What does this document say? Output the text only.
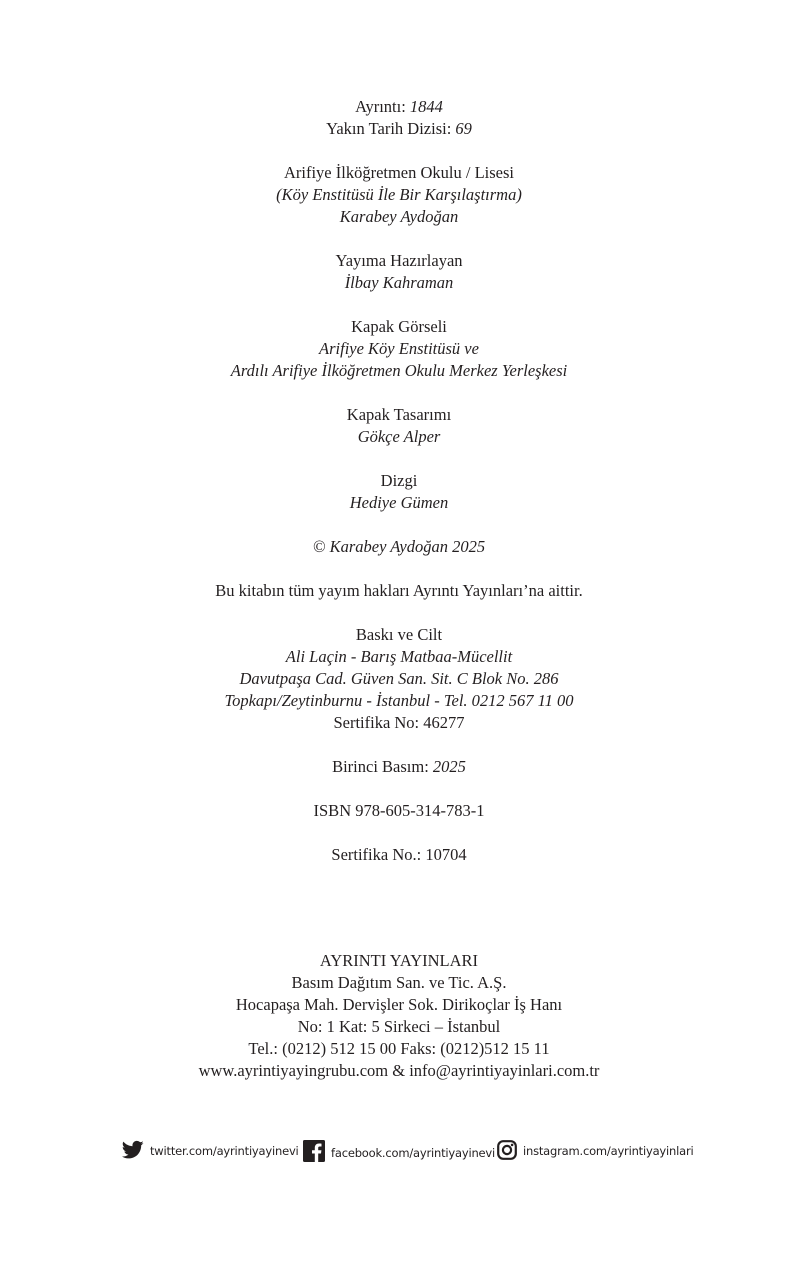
Ayrıntı: 1844
Yakın Tarih Dizisi: 69
Arifiye İlköğretmen Okulu / Lisesi
(Köy Enstitüsü İle Bir Karşılaştırma)
Karabey Aydoğan
Yayıma Hazırlayan
İlbay Kahraman
Kapak Görseli
Arifiye Köy Enstitüsü ve
Ardılı Arifiye İlköğretmen Okulu Merkez Yerleşkesi
Kapak Tasarımı
Gökçe Alper
Dizgi
Hediye Gümen
© Karabey Aydoğan 2025
Bu kitabın tüm yayım hakları Ayrıntı Yayınları’na aittir.
Baskı ve Cilt
Ali Laçin - Barış Matbaa-Mücellit
Davutpaşa Cad. Güven San. Sit. C Blok No. 286
Topkapı/Zeytinburnu - İstanbul - Tel. 0212 567 11 00
Sertifika No: 46277
Birinci Basım: 2025
ISBN 978-605-314-783-1
Sertifika No.: 10704
AYRINTI YAYINLARI
Basım Dağıtım San. ve Tic. A.Ş.
Hocapaşa Mah. Dervişler Sok. Dirikoçlar İş Hanı
No: 1 Kat: 5 Sirkeci – İstanbul
Tel.: (0212) 512 15 00 Faks: (0212)512 15 11
www.ayrintiyayingrubu.com & info@ayrintiyayinlari.com.tr
twitter.com/ayrintiyayinevi	facebook.com/ayrintiyayinevi instagram.com/ayrintiyayinlari
